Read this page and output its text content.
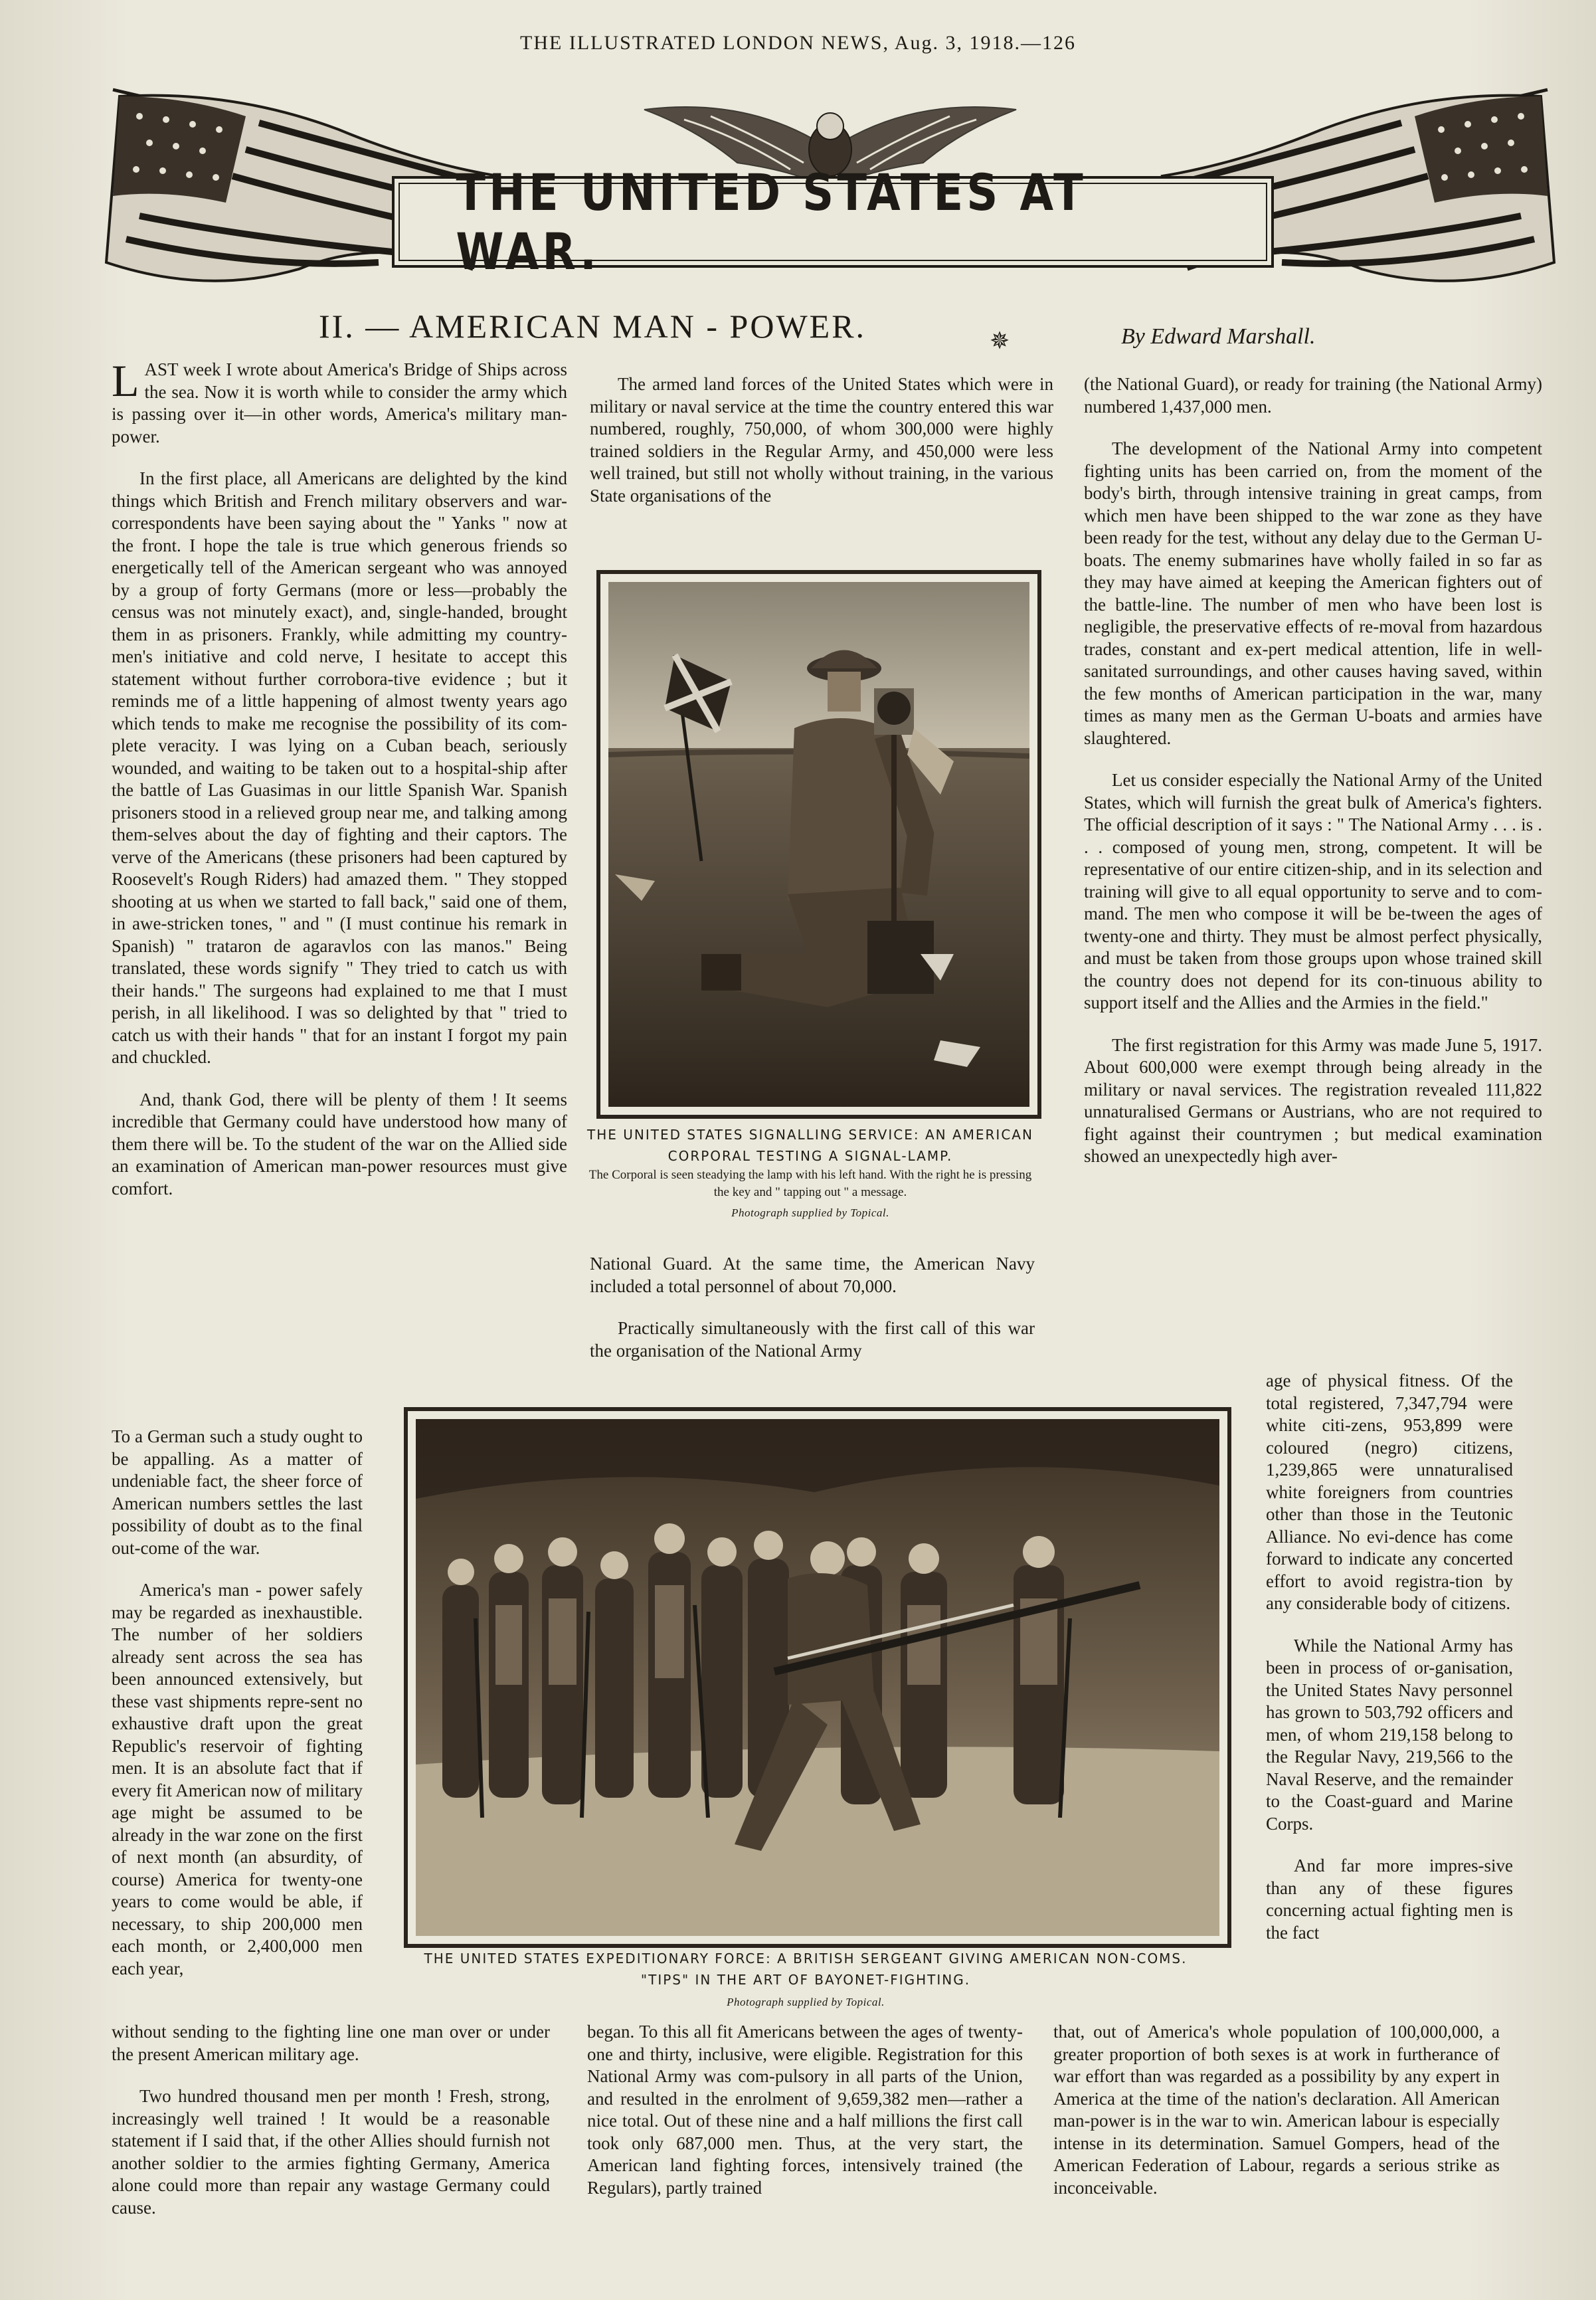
THE ILLUSTRATED LONDON NEWS, Aug. 3, 1918.—126
THE UNITED STATES AT WAR.
II. — AMERICAN MAN - POWER.	✵	By Edward Marshall.

LAST week I wrote about America's Bridge of Ships across the sea. Now it is worth while to consider the army which is passing over it—in other words, America's military man-power.

In the first place, all Americans are delighted by the kind things which British and French military observers and war-correspondents have been saying about the " Yanks " now at the front. I hope the tale is true which generous friends so energetically tell of the American sergeant who was annoyed by a group of forty Germans (more or less—probably the census was not minutely exact), and, single-handed, brought them in as prisoners. Frankly, while admitting my country-men's initiative and cold nerve, I hesitate to accept this statement without further corrobora-tive evidence ; but it reminds me of a little happening of almost twenty years ago which tends to make me recognise the possibility of its com-plete veracity. I was lying on a Cuban beach, seriously wounded, and waiting to be taken out to a hospital-ship after the battle of Las Guasimas in our little Spanish War. Spanish prisoners stood in a relieved group near me, and talking among them-selves about the day of fighting and their captors. The verve of the Americans (these prisoners had been captured by Roosevelt's Rough Riders) had amazed them. " They stopped shooting at us when we started to fall back," said one of them, in awe-stricken tones, " and " (I must continue his remark in Spanish) " trataron de agaravlos con las manos." Being translated, these words signify " They tried to catch us with their hands." The surgeons had explained to me that I must perish, in all likelihood. I was so delighted by that " tried to catch us with their hands " that for an instant I forgot my pain and chuckled.

And, thank God, there will be plenty of them ! It seems incredible that Germany could have understood how many of them there will be. To the student of the war on the Allied side an examination of American man-power resources must give comfort.

To a German such a study ought to be appalling. As a matter of undeniable fact, the sheer force of American numbers settles the last possibility of doubt as to the final out-come of the war.

America's man - power safely may be regarded as inexhaustible. The number of her soldiers already sent across the sea has been announced extensively, but these vast shipments repre-sent no exhaustive draft upon the great Republic's reservoir of fighting men. It is an absolute fact that if every fit American now of military age might be assumed to be already in the war zone on the first of next month (an absurdity, of course) America for twenty-one years to come would be able, if necessary, to ship 200,000 men each month, or 2,400,000 men each year,

without sending to the fighting line one man over or under the present American military age.

Two hundred thousand men per month ! Fresh, strong, increasingly well trained ! It would be a reasonable statement if I said that, if the other Allies should furnish not another soldier to the armies fighting Germany, America alone could more than repair any wastage Germany could cause.

The armed land forces of the United States which were in military or naval service at the time the country entered this war numbered, roughly, 750,000, of whom 300,000 were highly trained soldiers in the Regular Army, and 450,000 were less well trained, but still not wholly without training, in the various State organisations of the

THE UNITED STATES SIGNALLING SERVICE: AN AMERICAN CORPORAL TESTING A SIGNAL-LAMP.
The Corporal is seen steadying the lamp with his left hand. With the right he is pressing the key and " tapping out " a message.
Photograph supplied by Topical.

National Guard. At the same time, the American Navy included a total personnel of about 70,000.

Practically simultaneously with the first call of this war the organisation of the National Army

THE UNITED STATES EXPEDITIONARY FORCE: A BRITISH SERGEANT GIVING AMERICAN NON-COMS. "TIPS" IN THE ART OF BAYONET-FIGHTING.
Photograph supplied by Topical.

began. To this all fit Americans between the ages of twenty-one and thirty, inclusive, were eligible. Registration for this National Army was com-pulsory in all parts of the Union, and resulted in the enrolment of 9,659,382 men—rather a nice total. Out of these nine and a half millions the first call took only 687,000 men. Thus, at the very start, the American land fighting forces, intensively trained (the Regulars), partly trained

(the National Guard), or ready for training (the National Army) numbered 1,437,000 men.

The development of the National Army into competent fighting units has been carried on, from the moment of the body's birth, through intensive training in great camps, from which men have been shipped to the war zone as they have been ready for the test, without any delay due to the German U-boats. The enemy submarines have wholly failed in so far as they may have aimed at keeping the American fighters out of the battle-line. The number of men who have been lost is negligible, the preservative effects of re-moval from hazardous trades, constant and ex-pert medical attention, life in well-sanitated surroundings, and other causes having saved, within the few months of American participation in the war, many times as many men as the German U-boats and armies have slaughtered.

Let us consider especially the National Army of the United States, which will furnish the great bulk of America's fighters. The official description of it says : " The National Army . . . is . . . composed of young men, strong, competent. It will be representative of our entire citizen-ship, and in its selection and training will give to all equal opportunity to serve and to com-mand. The men who compose it will be be-tween the ages of twenty-one and thirty. They must be almost perfect physically, and must be taken from those groups upon whose trained skill the country does not depend for its con-tinuous ability to support itself and the Allies and the Armies in the field."

The first registration for this Army was made June 5, 1917. About 600,000 were exempt through being already in the military or naval services. The registration revealed 111,822 unnaturalised Germans or Austrians, who are not required to fight against their countrymen ; but medical examination showed an unexpectedly high aver-

age of physical fitness. Of the total registered, 7,347,794 were white citi-zens, 953,899 were coloured (negro) citizens, 1,239,865 were unnaturalised white foreigners from countries other than those in the Teutonic Alliance. No evi-dence has come forward to indicate any concerted effort to avoid registra-tion by any considerable body of citizens.

While the National Army has been in process of or-ganisation, the United States Navy personnel has grown to 503,792 officers and men, of whom 219,158 belong to the Regular Navy, 219,566 to the Naval Reserve, and the remainder to the Coast-guard and Marine Corps.

And far more impres-sive than any of these figures concerning actual fighting men is the fact

that, out of America's whole population of 100,000,000, a greater proportion of both sexes is at work in furtherance of war effort than was regarded as a possibility by any expert in America at the time of the nation's declaration. All American man-power is in the war to win. American labour is especially intense in its determination. Samuel Gompers, head of the American Federation of Labour, regards a serious strike as inconceivable.
